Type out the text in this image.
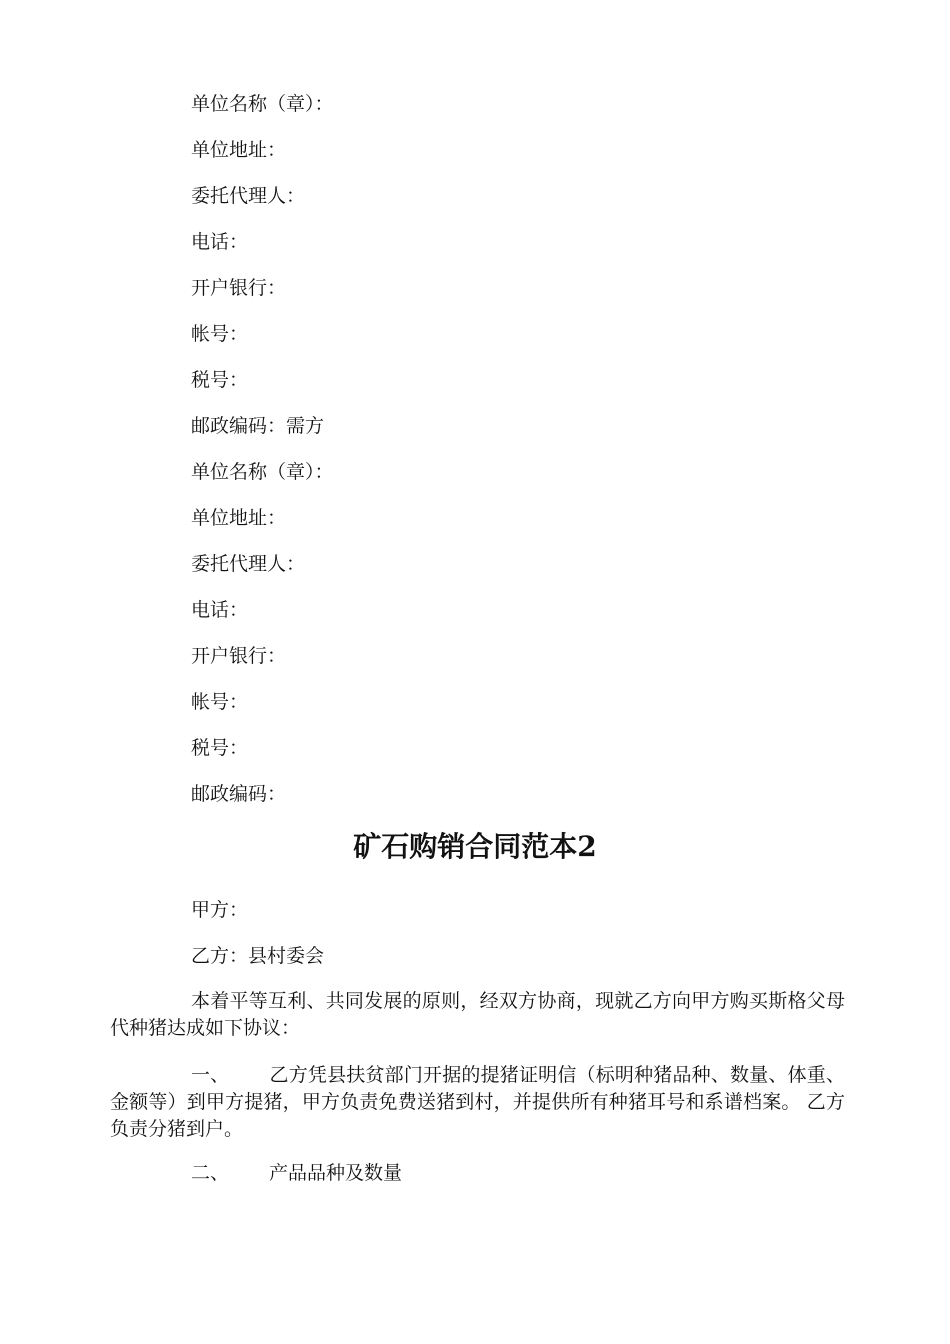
单位名称（章）：
单位地址：
委托代理人：
电话：
开户银行：
帐号：
税号：
邮政编码：需方
单位名称（章）：
单位地址：
委托代理人：
电话：
开户银行：
帐号：
税号：
邮政编码：
矿石购销合同范本2
甲方：
乙方：县村委会
本着平等互利、共同发展的原则，经双方协商，现就乙方向甲方购买斯格父母代种猪达成如下协议：
一、 乙方凭县扶贫部门开据的提猪证明信（标明种猪品种、数量、体重、 金额等）到甲方提猪，甲方负责免费送猪到村，并提供所有种猪耳号和系谱档案。 乙方负责分猪到户。
二、 产品品种及数量
